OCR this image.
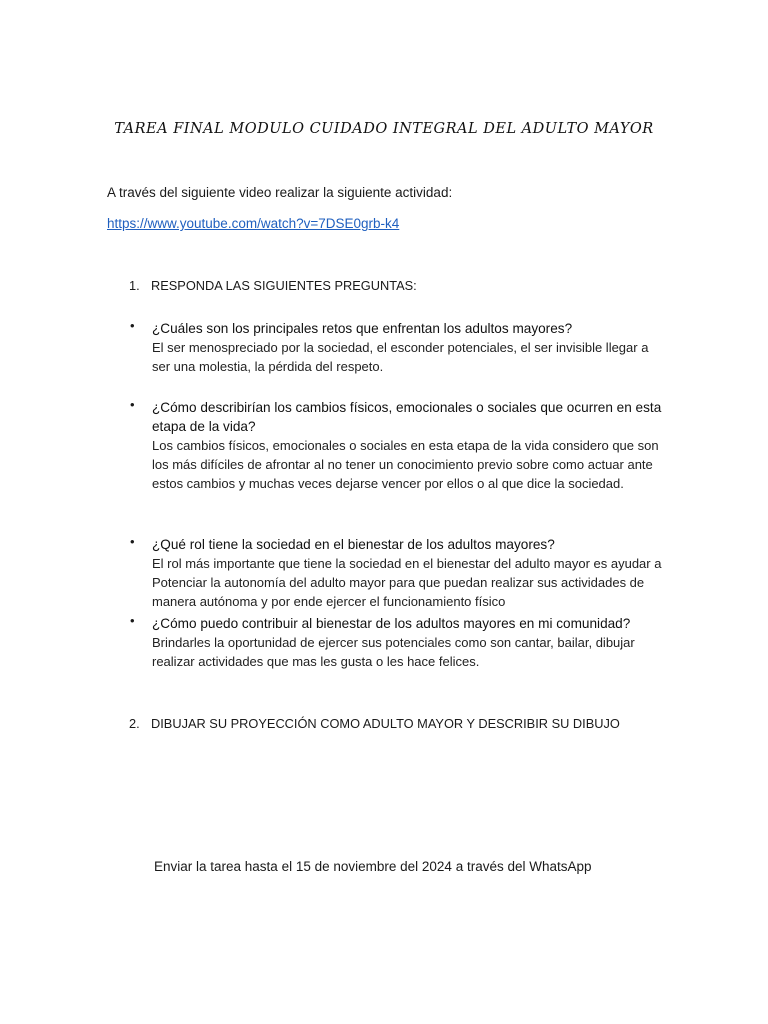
TAREA FINAL MODULO CUIDADO INTEGRAL DEL ADULTO MAYOR
A través del siguiente video realizar la siguiente actividad:
https://www.youtube.com/watch?v=7DSE0grb-k4
1. RESPONDA LAS SIGUIENTES PREGUNTAS:
• ¿Cuáles son los principales retos que enfrentan los adultos mayores?
El ser menospreciado por la sociedad, el esconder potenciales, el ser invisible llegar a ser una molestia, la pérdida del respeto.
• ¿Cómo describirían los cambios físicos, emocionales o sociales que ocurren en esta etapa de la vida?
Los cambios físicos, emocionales o sociales en esta etapa de la vida considero que son los más difíciles de afrontar al no tener un conocimiento previo sobre como actuar ante estos cambios y muchas veces dejarse vencer por ellos o al que dice la sociedad.
• ¿Qué rol tiene la sociedad en el bienestar de los adultos mayores?
El rol más importante que tiene la sociedad en el bienestar del adulto mayor es ayudar a Potenciar la autonomía del adulto mayor para que puedan realizar sus actividades de manera autónoma y por ende ejercer el funcionamiento físico
• ¿Cómo puedo contribuir al bienestar de los adultos mayores en mi comunidad?
Brindarles la oportunidad de ejercer sus potenciales como son cantar, bailar, dibujar realizar actividades que mas les gusta o les hace felices.
2. DIBUJAR SU PROYECCIÓN COMO ADULTO MAYOR Y DESCRIBIR SU DIBUJO
Enviar la tarea hasta el 15 de noviembre del 2024 a través del WhatsApp
